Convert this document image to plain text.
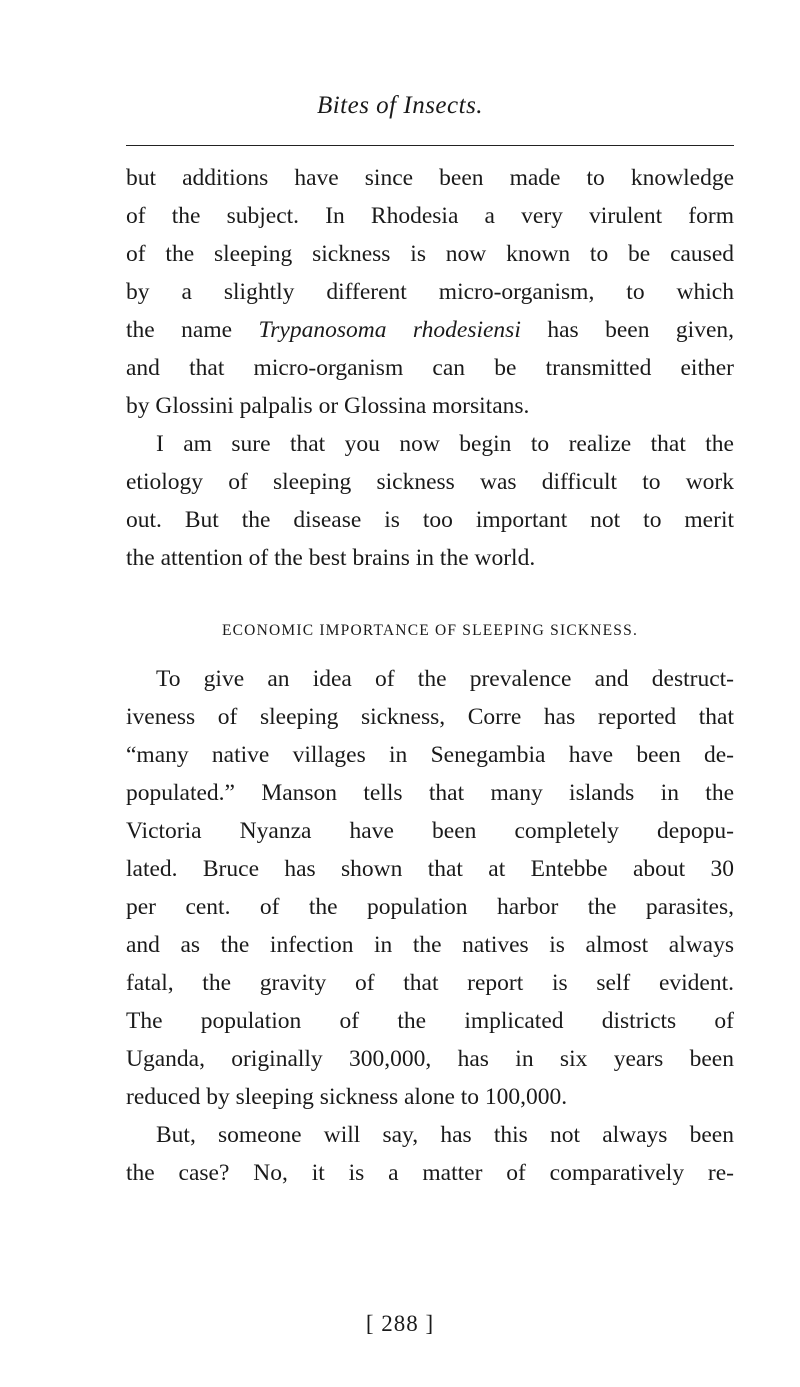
Bites of Insects.
but additions have since been made to knowledge
of the subject. In Rhodesia a very virulent form
of the sleeping sickness is now known to be caused
by a slightly different micro-organism, to which
the name Trypanosoma rhodesiensi has been given,
and that micro-organism can be transmitted either
by Glossini palpalis or Glossina morsitans.
I am sure that you now begin to realize that the
etiology of sleeping sickness was difficult to work
out. But the disease is too important not to merit
the attention of the best brains in the world.
ECONOMIC IMPORTANCE OF SLEEPING SICKNESS.
To give an idea of the prevalence and destruct-
iveness of sleeping sickness, Corre has reported that
“many native villages in Senegambia have been de-
populated.” Manson tells that many islands in the
Victoria Nyanza have been completely depopu-
lated. Bruce has shown that at Entebbe about 30
per cent. of the population harbor the parasites,
and as the infection in the natives is almost always
fatal, the gravity of that report is self evident.
The population of the implicated districts of
Uganda, originally 300,000, has in six years been
reduced by sleeping sickness alone to 100,000.
But, someone will say, has this not always been
the case? No, it is a matter of comparatively re-
[ 288 ]
